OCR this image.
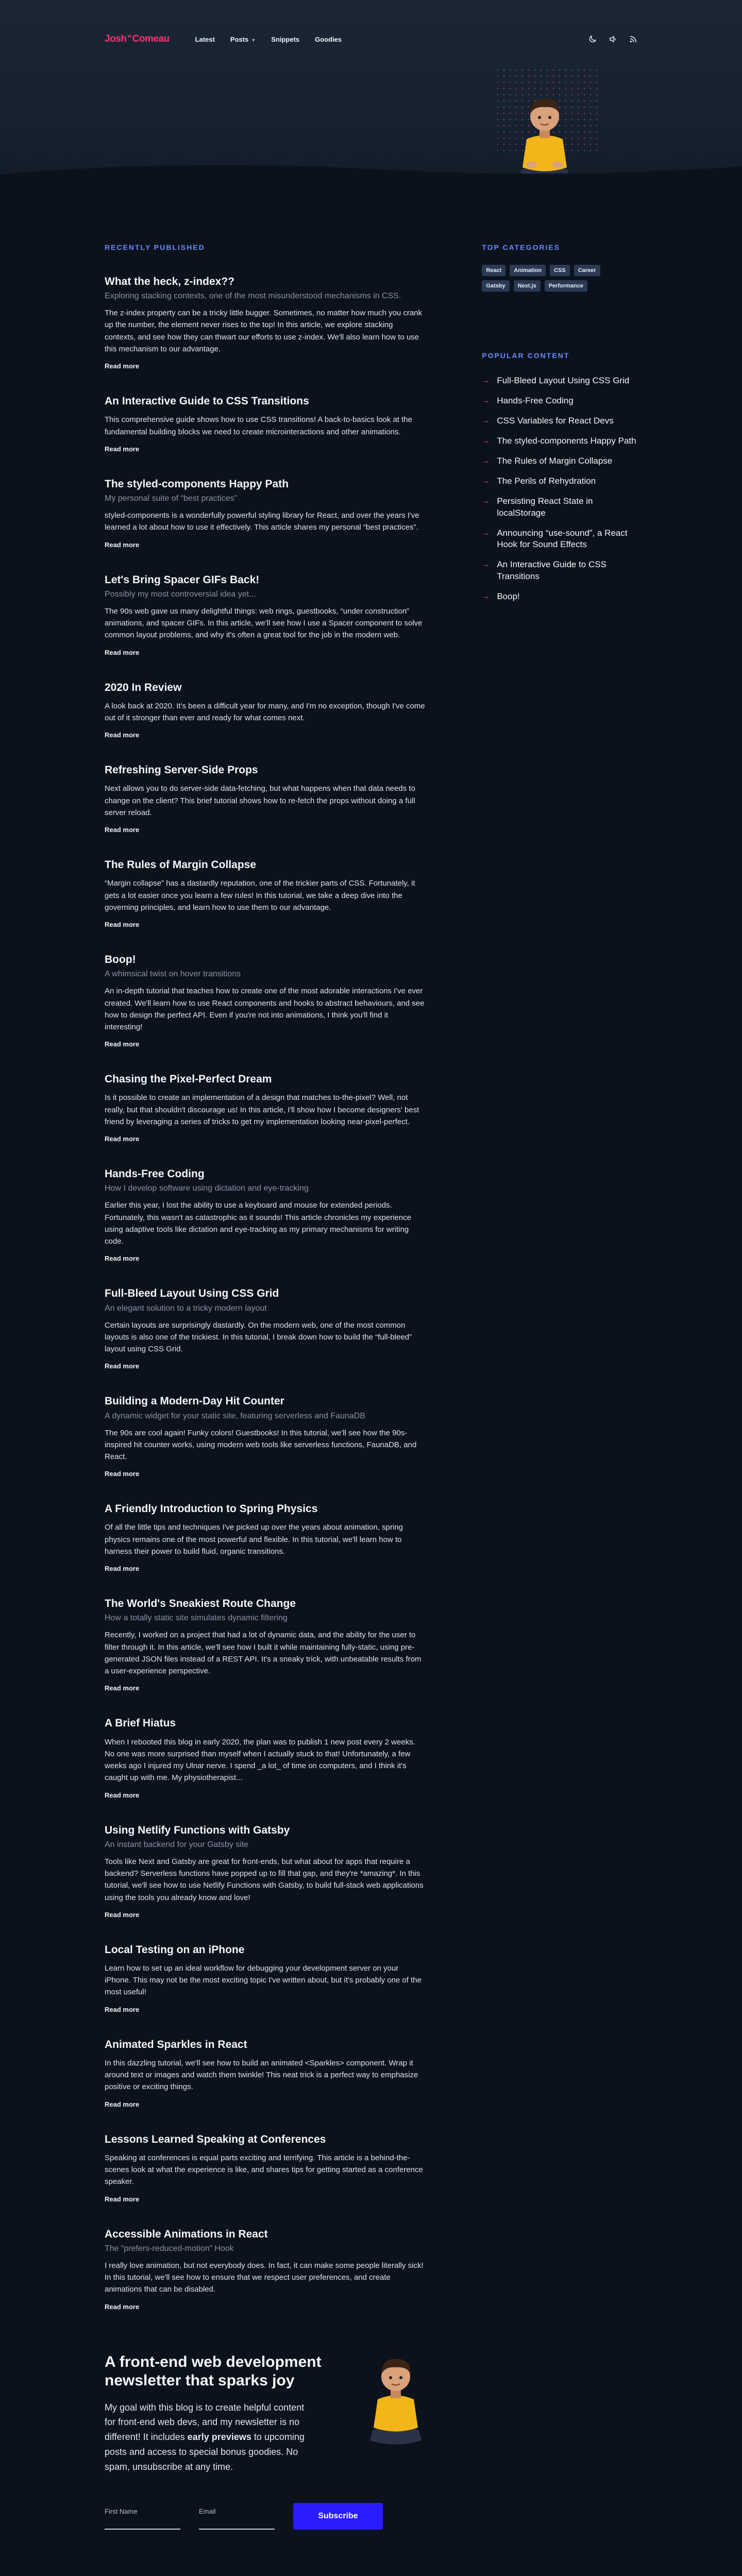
Josh w Comeau	Latest Posts ▼ Snippets Goodies
RECENTLY PUBLISHED
What the heck, z-index??
Exploring stacking contexts, one of the most misunderstood mechanisms in CSS.

The z-index property can be a tricky little bugger. Sometimes, no matter how much you crank up the number, the element never rises to the top! In this article, we explore stacking contexts, and see how they can thwart our efforts to use z-index. We'll also learn how to use this mechanism to our advantage.

Read more
An Interactive Guide to CSS Transitions

This comprehensive guide shows how to use CSS transitions! A back-to-basics look at the fundamental building blocks we need to create microinteractions and other animations.

Read more
The styled-components Happy Path
My personal suite of “best practices”

styled-components is a wonderfully powerful styling library for React, and over the years I've learned a lot about how to use it effectively. This article shares my personal “best practices”.

Read more
Let's Bring Spacer GIFs Back!
Possibly my most controversial idea yet...

The 90s web gave us many delightful things: web rings, guestbooks, “under construction” animations, and spacer GIFs. In this article, we'll see how I use a Spacer component to solve common layout problems, and why it's often a great tool for the job in the modern web.

Read more
2020 In Review

A look back at 2020. It's been a difficult year for many, and I'm no exception, though I've come out of it stronger than ever and ready for what comes next.

Read more
Refreshing Server-Side Props

Next allows you to do server-side data-fetching, but what happens when that data needs to change on the client? This brief tutorial shows how to re-fetch the props without doing a full server reload.

Read more
The Rules of Margin Collapse

“Margin collapse” has a dastardly reputation, one of the trickier parts of CSS. Fortunately, it gets a lot easier once you learn a few rules! In this tutorial, we take a deep dive into the governing principles, and learn how to use them to our advantage.

Read more
Boop!
A whimsical twist on hover transitions

An in-depth tutorial that teaches how to create one of the most adorable interactions I've ever created. We'll learn how to use React components and hooks to abstract behaviours, and see how to design the perfect API. Even if you're not into animations, I think you'll find it interesting!

Read more
Chasing the Pixel-Perfect Dream

Is it possible to create an implementation of a design that matches to-the-pixel? Well, not really, but that shouldn't discourage us! In this article, I'll show how I become designers' best friend by leveraging a series of tricks to get my implementation looking near-pixel-perfect.

Read more
Hands-Free Coding
How I develop software using dictation and eye-tracking

Earlier this year, I lost the ability to use a keyboard and mouse for extended periods. Fortunately, this wasn't as catastrophic as it sounds! This article chronicles my experience using adaptive tools like dictation and eye-tracking as my primary mechanisms for writing code.

Read more
Full-Bleed Layout Using CSS Grid
An elegant solution to a tricky modern layout

Certain layouts are surprisingly dastardly. On the modern web, one of the most common layouts is also one of the trickiest. In this tutorial, I break down how to build the “full-bleed” layout using CSS Grid.

Read more
Building a Modern-Day Hit Counter
A dynamic widget for your static site, featuring serverless and FaunaDB

The 90s are cool again! Funky colors! Guestbooks! In this tutorial, we'll see how the 90s-inspired hit counter works, using modern web tools like serverless functions, FaunaDB, and React.

Read more
A Friendly Introduction to Spring Physics

Of all the little tips and techniques I've picked up over the years about animation, spring physics remains one of the most powerful and flexible. In this tutorial, we'll learn how to harness their power to build fluid, organic transitions.

Read more
The World's Sneakiest Route Change
How a totally static site simulates dynamic filtering

Recently, I worked on a project that had a lot of dynamic data, and the ability for the user to filter through it. In this article, we'll see how I built it while maintaining fully-static, using pre-generated JSON files instead of a REST API. It's a sneaky trick, with unbeatable results from a user-experience perspective.

Read more
A Brief Hiatus

When I rebooted this blog in early 2020, the plan was to publish 1 new post every 2 weeks. No one was more surprised than myself when I actually stuck to that! Unfortunately, a few weeks ago I injured my Ulnar nerve. I spend _a lot_ of time on computers, and I think it's caught up with me. My physiotherapist...

Read more
Using Netlify Functions with Gatsby
An instant backend for your Gatsby site

Tools like Next and Gatsby are great for front-ends, but what about for apps that require a backend? Serverless functions have popped up to fill that gap, and they're *amazing*. In this tutorial, we'll see how to use Netlify Functions with Gatsby, to build full-stack web applications using the tools you already know and love!

Read more
Local Testing on an iPhone

Learn how to set up an ideal workflow for debugging your development server on your iPhone. This may not be the most exciting topic I've written about, but it's probably one of the most useful!

Read more
Animated Sparkles in React

In this dazzling tutorial, we'll see how to build an animated <Sparkles> component. Wrap it around text or images and watch them twinkle! This neat trick is a perfect way to emphasize positive or exciting things.

Read more
Lessons Learned Speaking at Conferences

Speaking at conferences is equal parts exciting and terrifying. This article is a behind-the-scenes look at what the experience is like, and shares tips for getting started as a conference speaker.

Read more
Accessible Animations in React
The “prefers-reduced-motion” Hook

I really love animation, but not everybody does. In fact, it can make some people literally sick! In this tutorial, we'll see how to ensure that we respect user preferences, and create animations that can be disabled.

Read more
TOP CATEGORIES
React	Animation	CSS	Career
Gatsby	Next.js	Performance
POPULAR CONTENT
→ Full-Bleed Layout Using CSS Grid
→ Hands-Free Coding
→ CSS Variables for React Devs
→ The styled-components Happy Path
→ The Rules of Margin Collapse
→ The Perils of Rehydration
→ Persisting React State in localStorage
→ Announcing “use-sound”, a React Hook for Sound Effects
→ An Interactive Guide to CSS Transitions
→ Boop!
A front-end web development newsletter that sparks joy

My goal with this blog is to create helpful content for front-end web devs, and my newsletter is no different! It includes early previews to upcoming posts and access to special bonus goodies. No spam, unsubscribe at any time.

First Name	Email
Subscribe
